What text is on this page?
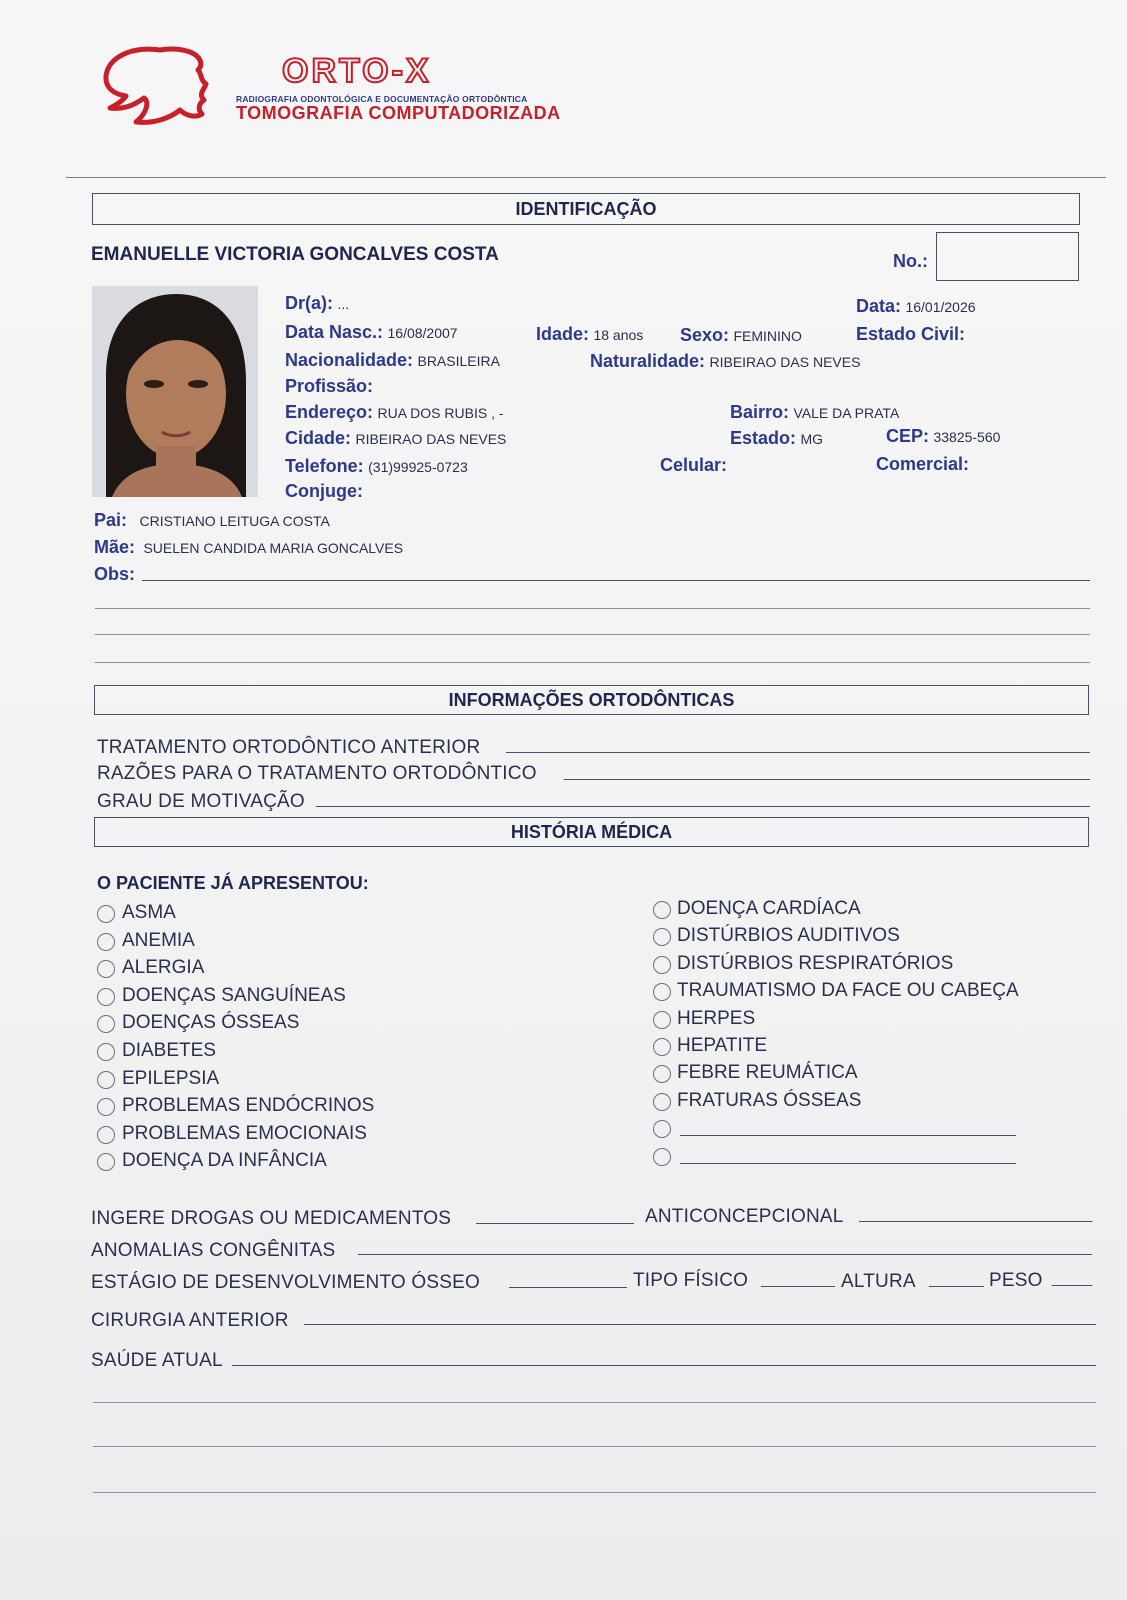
ORTO-X
RADIOGRAFIA ODONTOLÓGICA E DOCUMENTAÇÃO ORTODÔNTICA
TOMOGRAFIA COMPUTADORIZADA
IDENTIFICAÇÃO
EMANUELLE VICTORIA GONCALVES COSTA	No.:
Dr(a): ...	Data: 16/01/2026
Data Nasc.: 16/08/2007	Idade: 18 anos Sexo: FEMININO	Estado Civil:
Nacionalidade: BRASILEIRA	Naturalidade: RIBEIRAO DAS NEVES
Profissão:
Endereço: RUA DOS RUBIS , -	Bairro: VALE DA PRATA
Cidade: RIBEIRAO DAS NEVES	Estado: MG	CEP: 33825-560
Telefone: (31)99925-0723	Celular:	Comercial:
Conjuge:
Pai: CRISTIANO LEITUGA COSTA
Mãe: SUELEN CANDIDA MARIA GONCALVES
Obs:
INFORMAÇÕES ORTODÔNTICAS
TRATAMENTO ORTODÔNTICO ANTERIOR
RAZÕES PARA O TRATAMENTO ORTODÔNTICO
GRAU DE MOTIVAÇÃO
HISTÓRIA MÉDICA
O PACIENTE JÁ APRESENTOU:
ASMA
ANEMIA
ALERGIA
DOENÇAS SANGUÍNEAS
DOENÇAS ÓSSEAS
DIABETES
EPILEPSIA
PROBLEMAS ENDÓCRINOS
PROBLEMAS EMOCIONAIS
DOENÇA DA INFÂNCIA
DOENÇA CARDÍACA
DISTÚRBIOS AUDITIVOS
DISTÚRBIOS RESPIRATÓRIOS
TRAUMATISMO DA FACE OU CABEÇA
HERPES
HEPATITE
FEBRE REUMÁTICA
FRATURAS ÓSSEAS
INGERE DROGAS OU MEDICAMENTOS	ANTICONCEPCIONAL
ANOMALIAS CONGÊNITAS
ESTÁGIO DE DESENVOLVIMENTO ÓSSEO	TIPO FÍSICO	ALTURA	PESO
CIRURGIA ANTERIOR
SAÚDE ATUAL
